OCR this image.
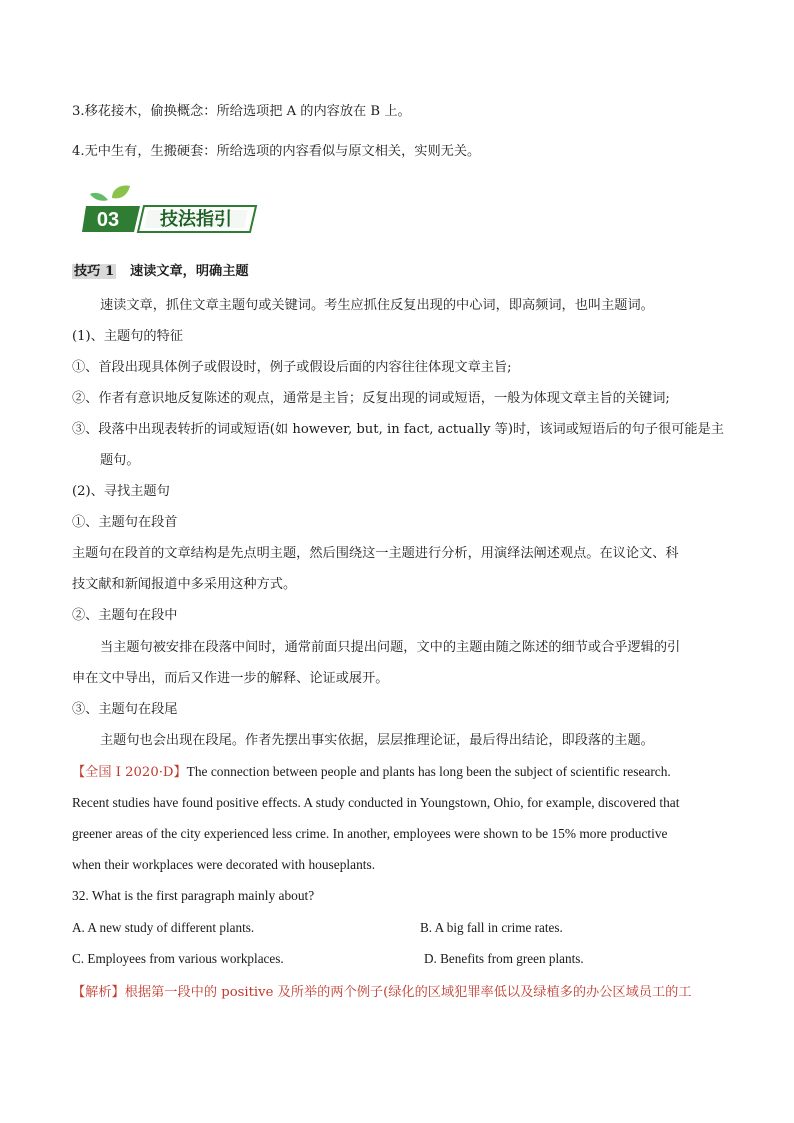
3.移花接木，偷换概念：所给选项把 A 的内容放在 B 上。
4.无中生有，生搬硬套：所给选项的内容看似与原文相关，实则无关。
03 技法指引
技巧 1 速读文章，明确主题
速读文章，抓住文章主题句或关键词。考生应抓住反复出现的中心词，即高频词，也叫主题词。
(1)、主题句的特征
①、首段出现具体例子或假设时，例子或假设后面的内容往往体现文章主旨;
②、作者有意识地反复陈述的观点，通常是主旨；反复出现的词或短语，一般为体现文章主旨的关键词;
③、段落中出现表转折的词或短语(如 however, but, in fact, actually 等)时，该词或短语后的句子很可能是主
题句。
(2)、寻找主题句
①、主题句在段首
主题句在段首的文章结构是先点明主题，然后围绕这一主题进行分析，用演绎法阐述观点。在议论文、科
技文献和新闻报道中多采用这种方式。
②、主题句在段中
当主题句被安排在段落中间时，通常前面只提出问题，文中的主题由随之陈述的细节或合乎逻辑的引
申在文中导出，而后又作进一步的解释、论证或展开。
③、主题句在段尾
主题句也会出现在段尾。作者先摆出事实依据，层层推理论证，最后得出结论，即段落的主题。
【全国 I 2020·D】The connection between people and plants has long been the subject of scientific research.
Recent studies have found positive effects. A study conducted in Youngstown, Ohio, for example, discovered that
greener areas of the city experienced less crime. In another, employees were shown to be 15% more productive
when their workplaces were decorated with houseplants.
32. What is the first paragraph mainly about?
A. A new study of different plants.	B. A big fall in crime rates.
C. Employees from various workplaces.	D. Benefits from green plants.
【解析】根据第一段中的 positive 及所举的两个例子(绿化的区域犯罪率低以及绿植多的办公区域员工的工
